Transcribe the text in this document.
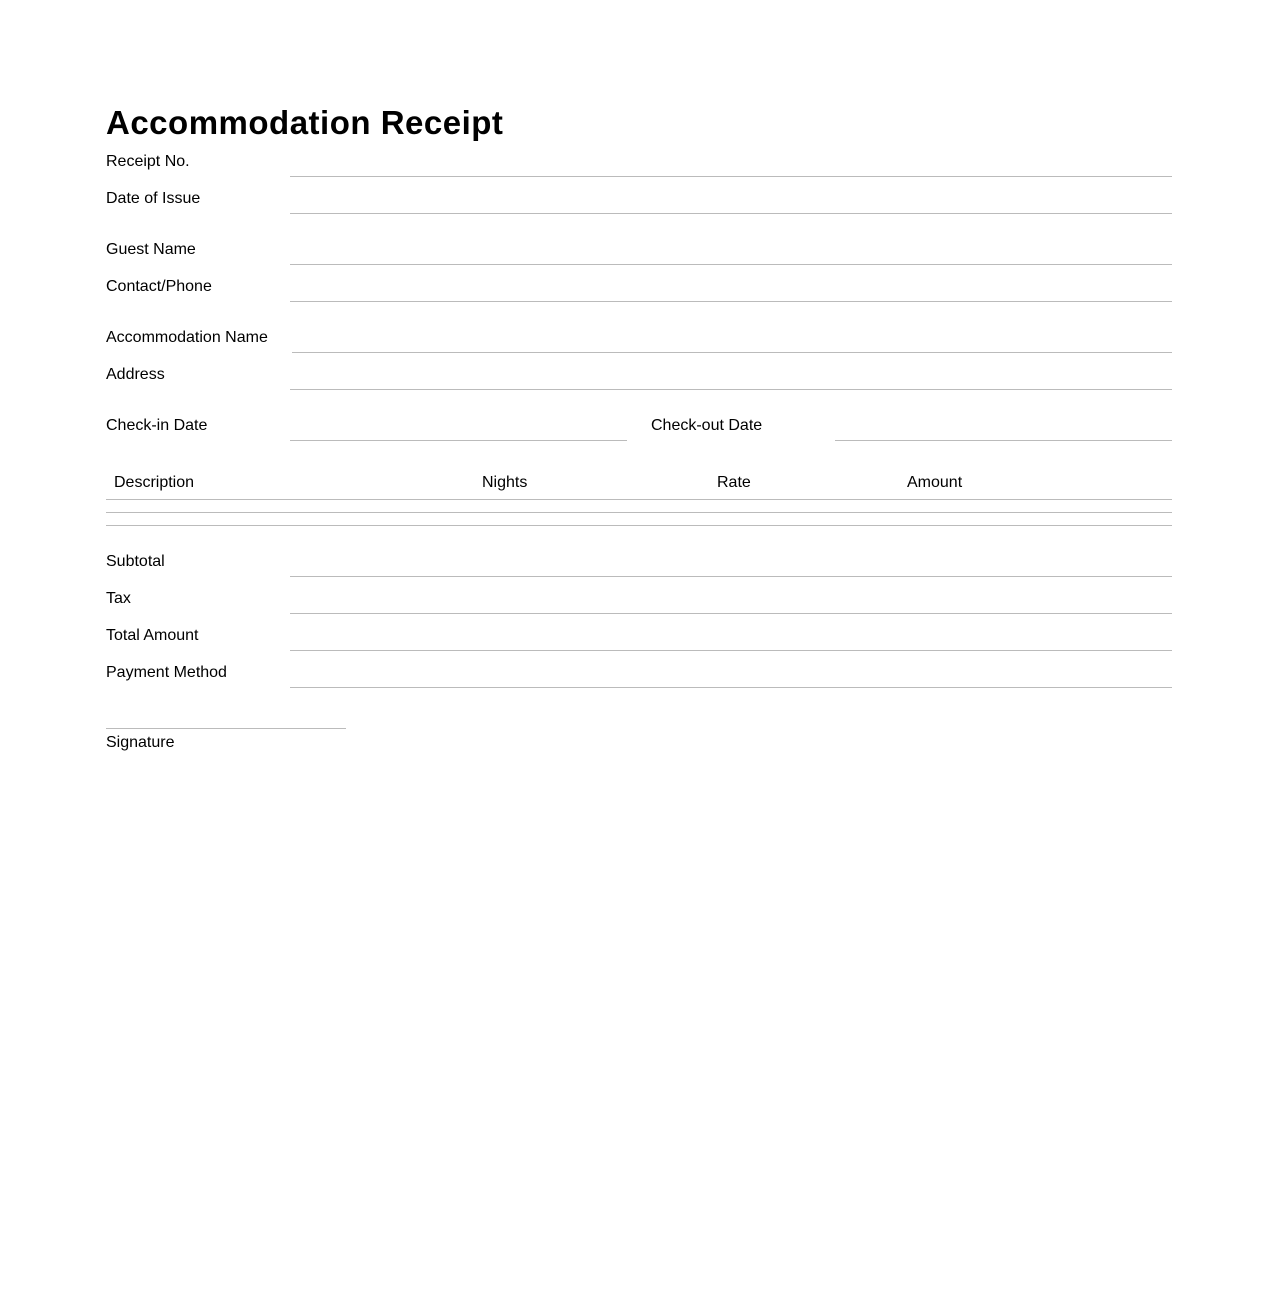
Accommodation Receipt
Receipt No.
Date of Issue
Guest Name
Contact/Phone
Accommodation Name
Address
Check-in Date	Check-out Date
Description	Nights	Rate	Amount
Subtotal
Tax
Total Amount
Payment Method
Signature
